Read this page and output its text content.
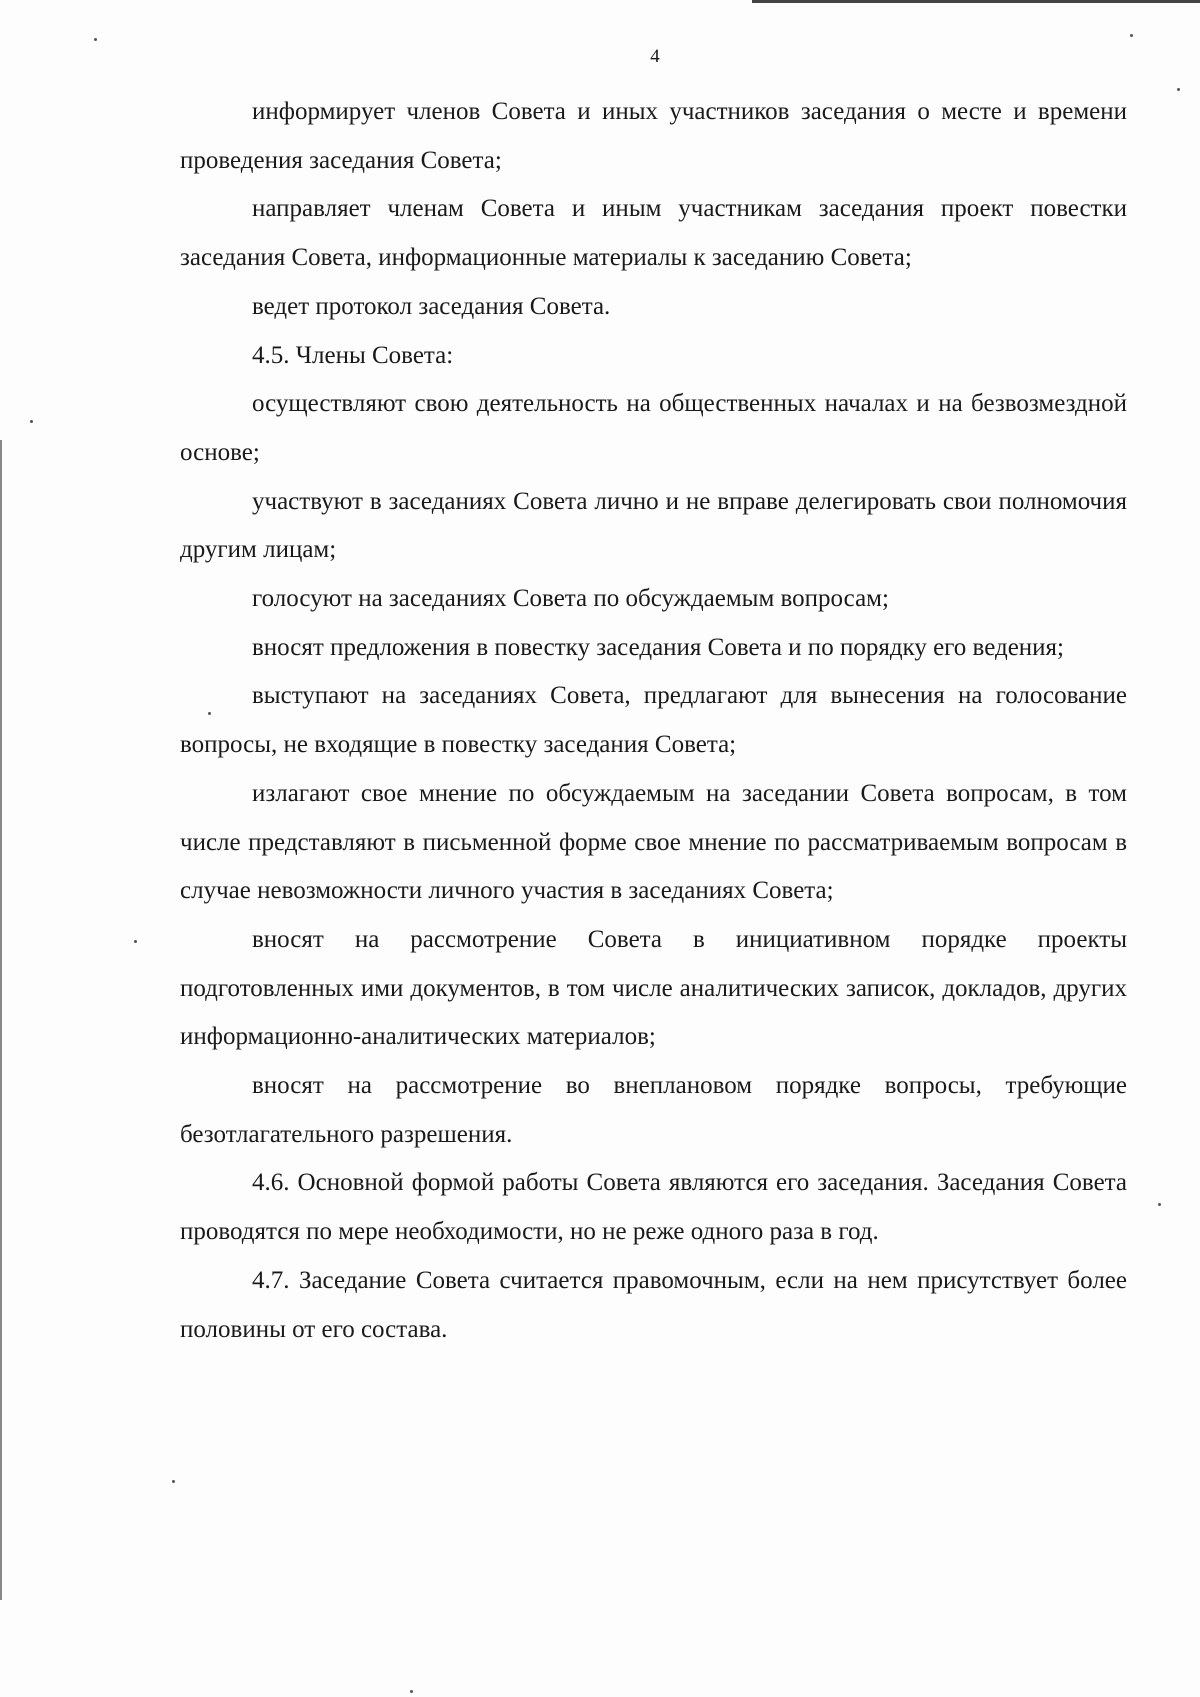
4

информирует членов Совета и иных участников заседания о месте и времени проведения заседания Совета;

направляет членам Совета и иным участникам заседания проект повестки заседания Совета, информационные материалы к заседанию Совета;

ведет протокол заседания Совета.

4.5. Члены Совета:

осуществляют свою деятельность на общественных началах и на безвозмездной основе;

участвуют в заседаниях Совета лично и не вправе делегировать свои полномочия другим лицам;

голосуют на заседаниях Совета по обсуждаемым вопросам;

вносят предложения в повестку заседания Совета и по порядку его ведения;

выступают на заседаниях Совета, предлагают для вынесения на голосование вопросы, не входящие в повестку заседания Совета;

излагают свое мнение по обсуждаемым на заседании Совета вопросам, в том числе представляют в письменной форме свое мнение по рассматриваемым вопросам в случае невозможности личного участия в заседаниях Совета;

вносят на рассмотрение Совета в инициативном порядке проекты подготовленных ими документов, в том числе аналитических записок, докладов, других информационно-аналитических материалов;

вносят на рассмотрение во внеплановом порядке вопросы, требующие безотлагательного разрешения.

4.6. Основной формой работы Совета являются его заседания. Заседания Совета проводятся по мере необходимости, но не реже одного раза в год.

4.7. Заседание Совета считается правомочным, если на нем присутствует более половины от его состава.
